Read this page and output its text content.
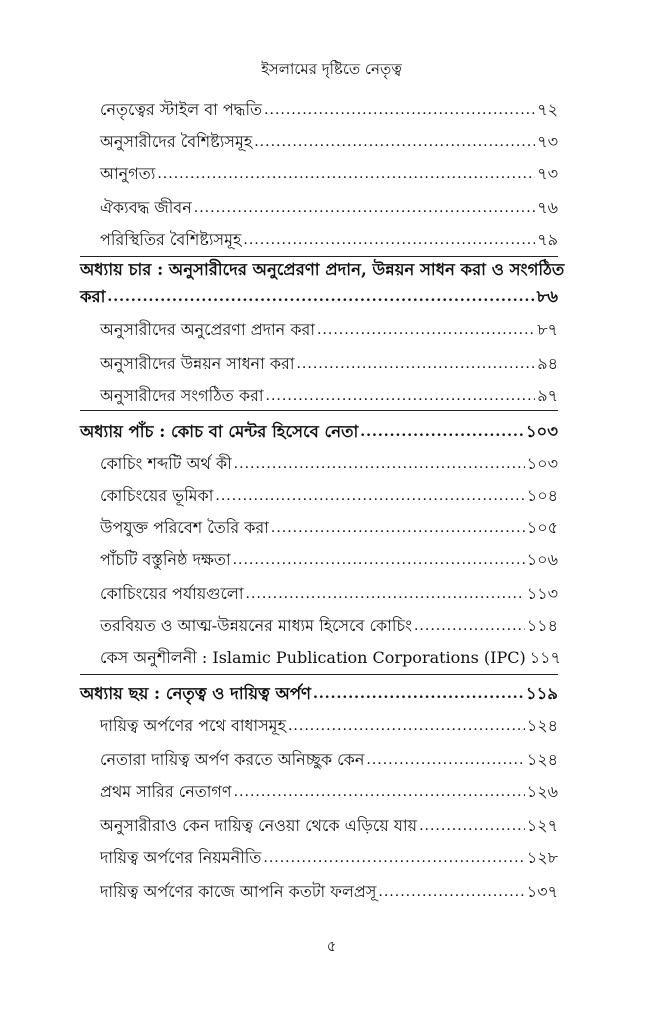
ইসলামের দৃষ্টিতে নেতৃত্ব
নেতৃত্বের স্টাইল বা পদ্ধতি .....	৭২
অনুসারীদের বৈশিষ্ট্যসমূহ .....	৭৩
আনুগত্য .....	৭৩
ঐক্যবদ্ধ জীবন .....	৭৬
পরিস্থিতির বৈশিষ্ট্যসমূহ .....	৭৯
অধ্যায় চার : অনুসারীদের অনুপ্রেরণা প্রদান, উন্নয়ন সাধন করা ও সংগঠিত
করা .....	৮৬
অনুসারীদের অনুপ্রেরণা প্রদান করা .....	৮৭
অনুসারীদের উন্নয়ন সাধনা করা .....	৯৪
অনুসারীদের সংগঠিত করা .....	৯৭
অধ্যায় পাঁচ : কোচ বা মেন্টর হিসেবে নেতা .....	১০৩
কোচিং শব্দটি অর্থ কী .....	১০৩
কোচিংয়ের ভূমিকা .....	১০৪
উপযুক্ত পরিবেশ তৈরি করা .....	১০৫
পাঁচটি বস্তুনিষ্ঠ দক্ষতা .....	১০৬
কোচিংয়ের পর্যায়গুলো .....	১১৩
তরবিয়ত ও আত্ম-উন্নয়নের মাধ্যম হিসেবে কোচিং .....	১১৪
কেস অনুশীলনী : Islamic Publication Corporations (IPC) ১১৭
অধ্যায় ছয় : নেতৃত্ব ও দায়িত্ব অর্পণ .....	১১৯
দায়িত্ব অর্পণের পথে বাধাসমূহ .....	১২৪
নেতারা দায়িত্ব অর্পণ করতে অনিচ্ছুক কেন .....	১২৪
প্রথম সারির নেতাগণ .....	১২৬
অনুসারীরাও কেন দায়িত্ব নেওয়া থেকে এড়িয়ে যায় .....	১২৭
দায়িত্ব অর্পণের নিয়মনীতি .....	১২৮
দায়িত্ব অর্পণের কাজে আপনি কতটা ফলপ্রসূ .....	১৩৭
৫
